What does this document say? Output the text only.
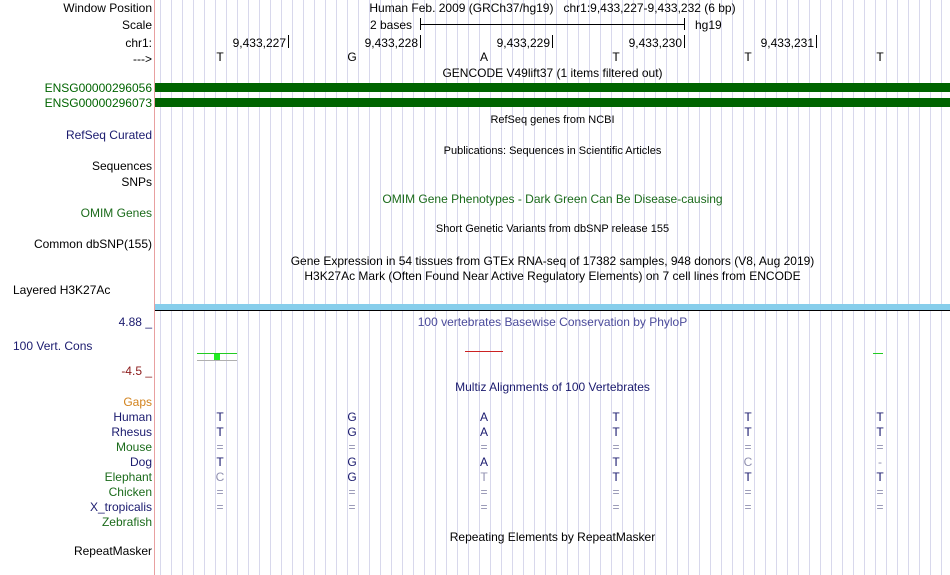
Window Position	Human Feb. 2009 (GRCh37/hg19)   chr1:9,433,227-9,433,232 (6 bp)
Scale	2 bases	hg19
chr1:	9,433,227	9,433,228	9,433,229	9,433,230	9,433,231
--->	T	G	A	T	T	T
GENCODE V49lift37 (1 items filtered out)
ENSG00000296056
ENSG00000296073
RefSeq genes from NCBI
RefSeq Curated
Publications: Sequences in Scientific Articles
Sequences
SNPs
OMIM Gene Phenotypes - Dark Green Can Be Disease-causing
OMIM Genes
Short Genetic Variants from dbSNP release 155
Common dbSNP(155)
Gene Expression in 54 tissues from GTEx RNA-seq of 17382 samples, 948 donors (V8, Aug 2019)
H3K27Ac Mark (Often Found Near Active Regulatory Elements) on 7 cell lines from ENCODE
Layered H3K27Ac
4.88 _	100 vertebrates Basewise Conservation by PhyloP
100 Vert. Cons
-4.5 _
Multiz Alignments of 100 Vertebrates
Gaps
Human	T	G	A	T	T	T
Rhesus	T	G	A	T	T	T
Mouse	=	=	=	=	=	=
Dog	T	G	A	T	C	-
Elephant	C	G	T	T	T	T
Chicken	=	=	=	=	=	=
X_tropicalis	=	=	=	=	=	=
Zebrafish
Repeating Elements by RepeatMasker
RepeatMasker
